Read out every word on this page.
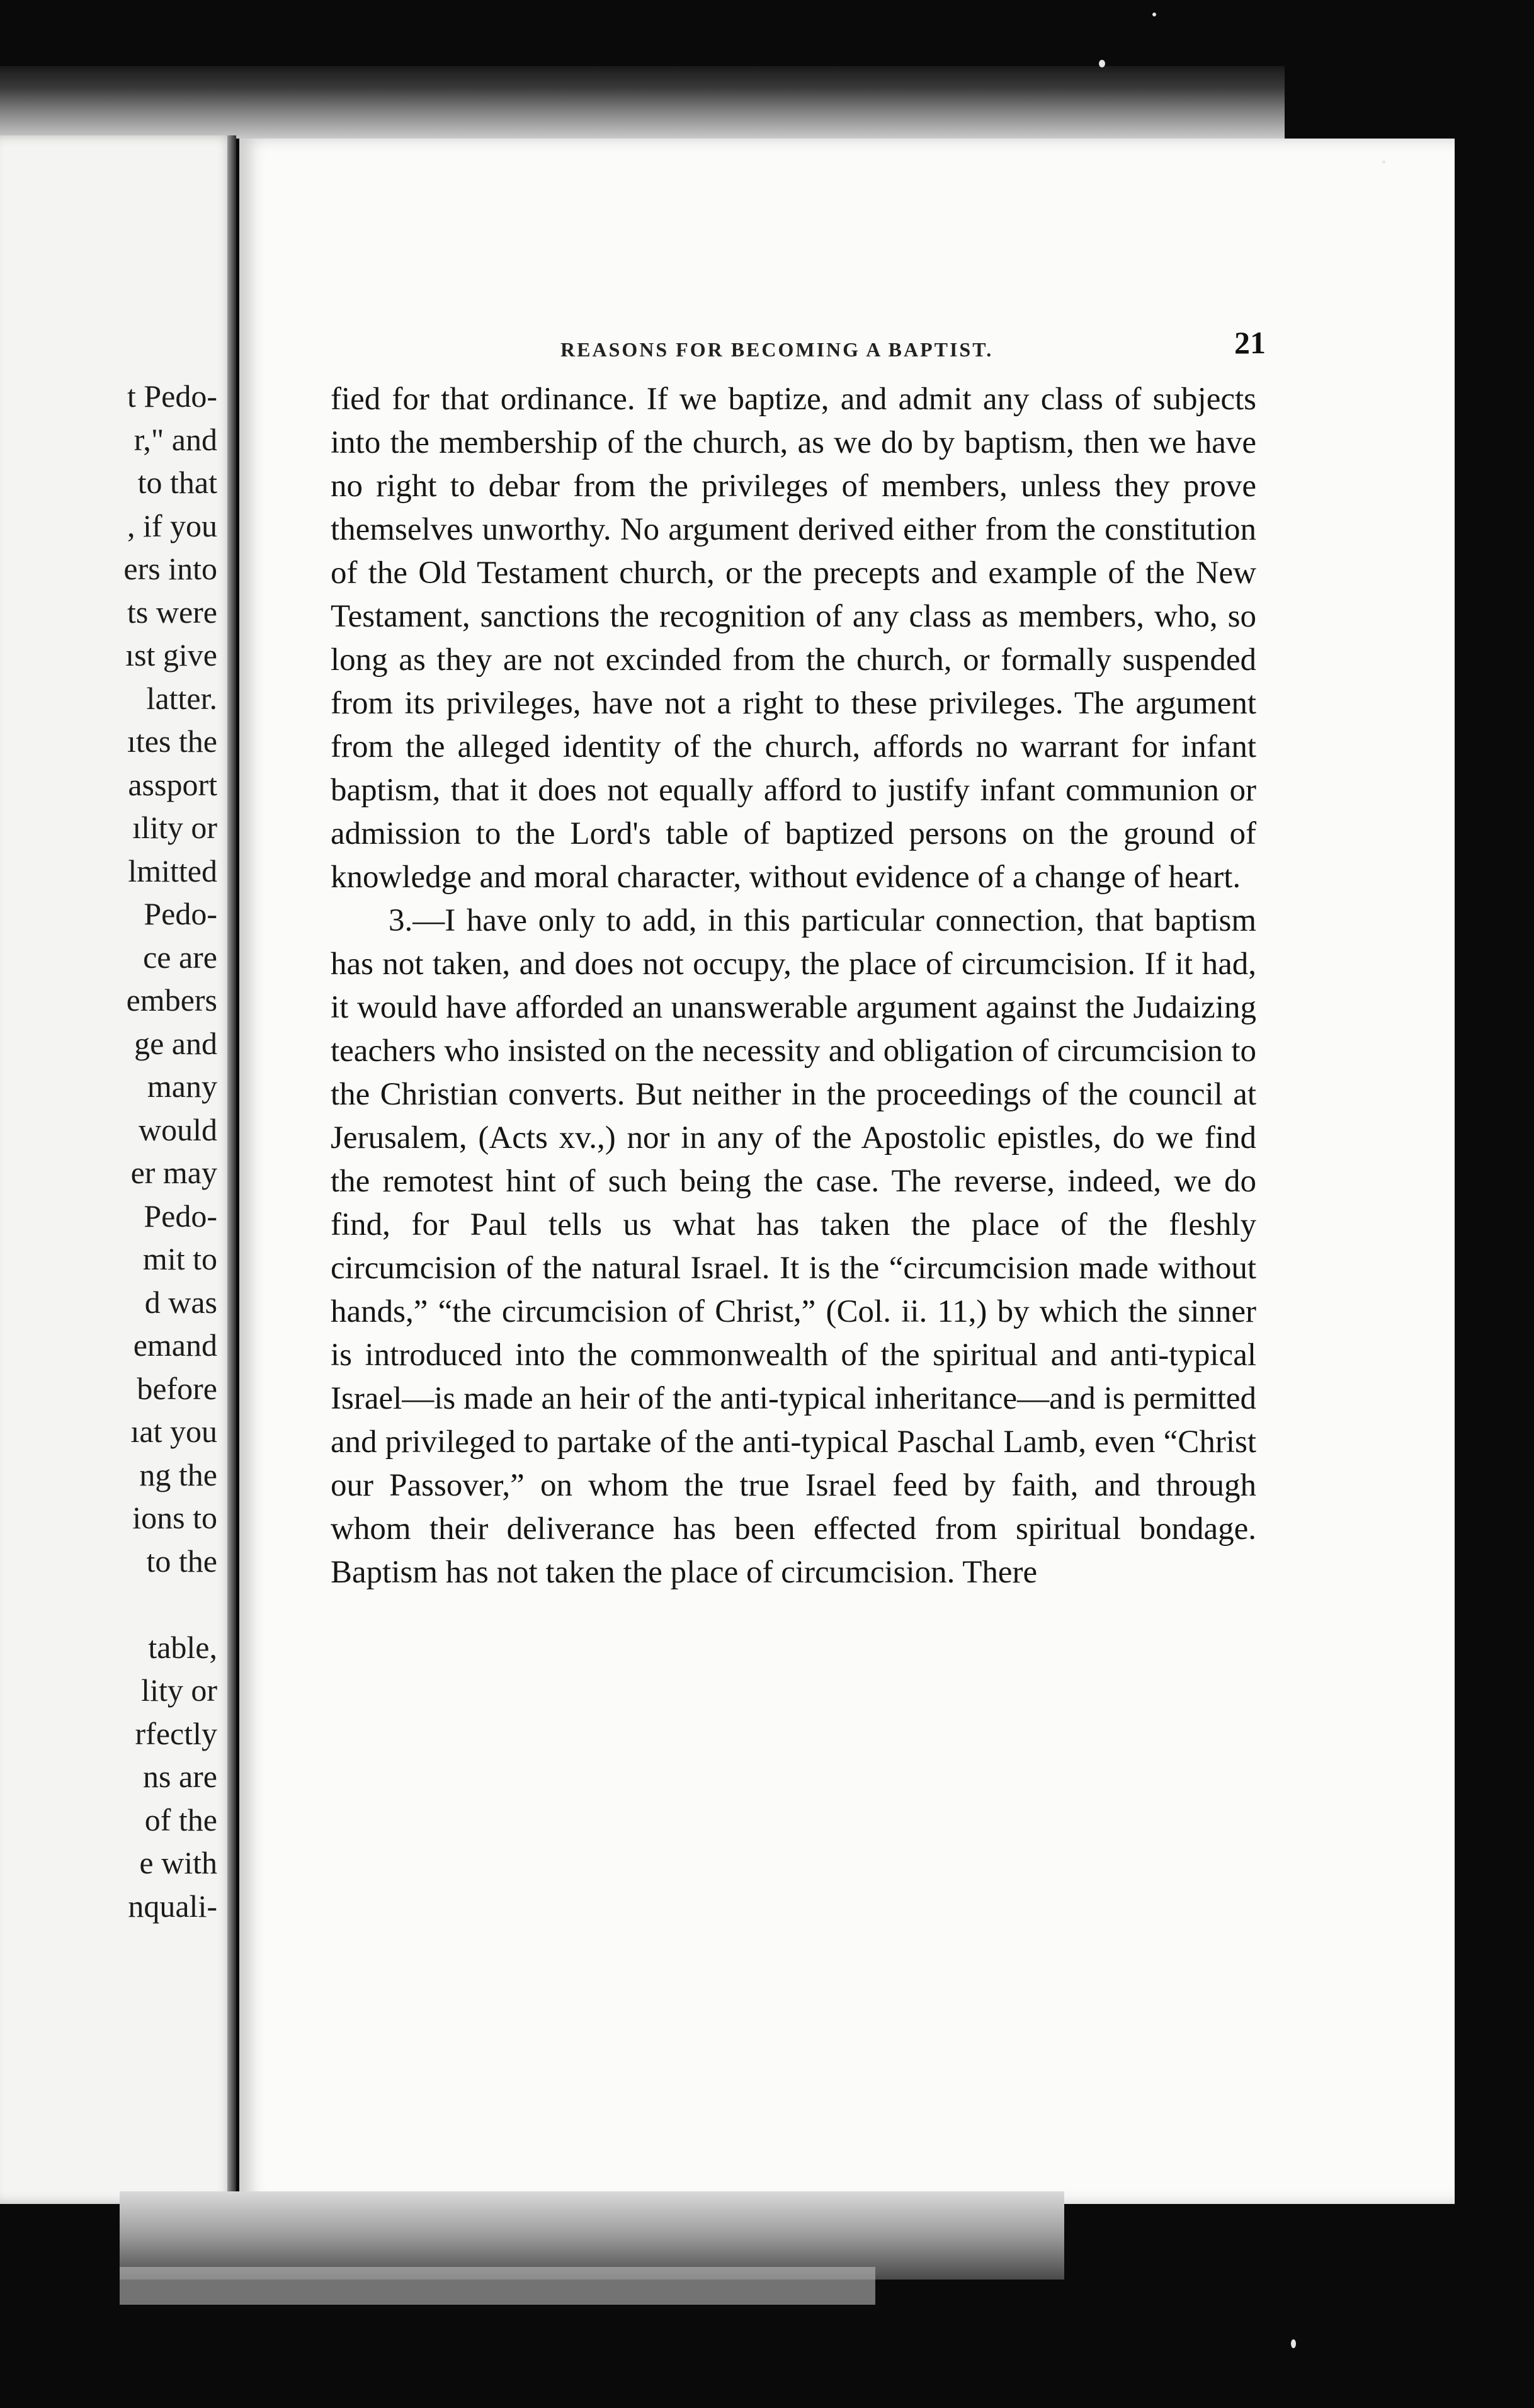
t Pedo-
r," and
to that
, if you
ers into
ts were
ıst give
latter.
ıtes the
assport
ılity or
lmitted
Pedo-
ce are
embers
ge and
many
would
er may
Pedo-
mit to
d was
emand
before
ıat you
ng the
ions to
to the
table,
lity or
rfectly
ns are
of the
e with
nquali-
REASONS FOR BECOMING A BAPTIST.	21

fied for that ordinance. If we baptize, and admit any class of subjects into the membership of the church, as we do by baptism, then we have no right to debar from the privileges of members, unless they prove themselves unworthy. No argument derived either from the constitution of the Old Testament church, or the precepts and example of the New Testament, sanctions the recognition of any class as members, who, so long as they are not excinded from the church, or formally suspended from its privileges, have not a right to these privileges. The argument from the alleged identity of the church, affords no warrant for infant baptism, that it does not equally afford to justify infant communion or admission to the Lord's table of baptized persons on the ground of knowledge and moral character, without evidence of a change of heart.

3.—I have only to add, in this particular connection, that baptism has not taken, and does not occupy, the place of circumcision. If it had, it would have afforded an unanswerable argument against the Judaizing teachers who insisted on the necessity and obligation of circumcision to the Christian converts. But neither in the proceedings of the council at Jerusalem, (Acts xv.,) nor in any of the Apostolic epistles, do we find the remotest hint of such being the case. The reverse, indeed, we do find, for Paul tells us what has taken the place of the fleshly circumcision of the natural Israel. It is the “circumcision made without hands,” “the circumcision of Christ,” (Col. ii. 11,) by which the sinner is introduced into the commonwealth of the spiritual and anti-typical Israel—is made an heir of the anti-typical inheritance—and is permitted and privileged to partake of the anti-typical Paschal Lamb, even “Christ our Passover,” on whom the true Israel feed by faith, and through whom their deliverance has been effected from spiritual bondage. Baptism has not taken the place of circumcision. There
